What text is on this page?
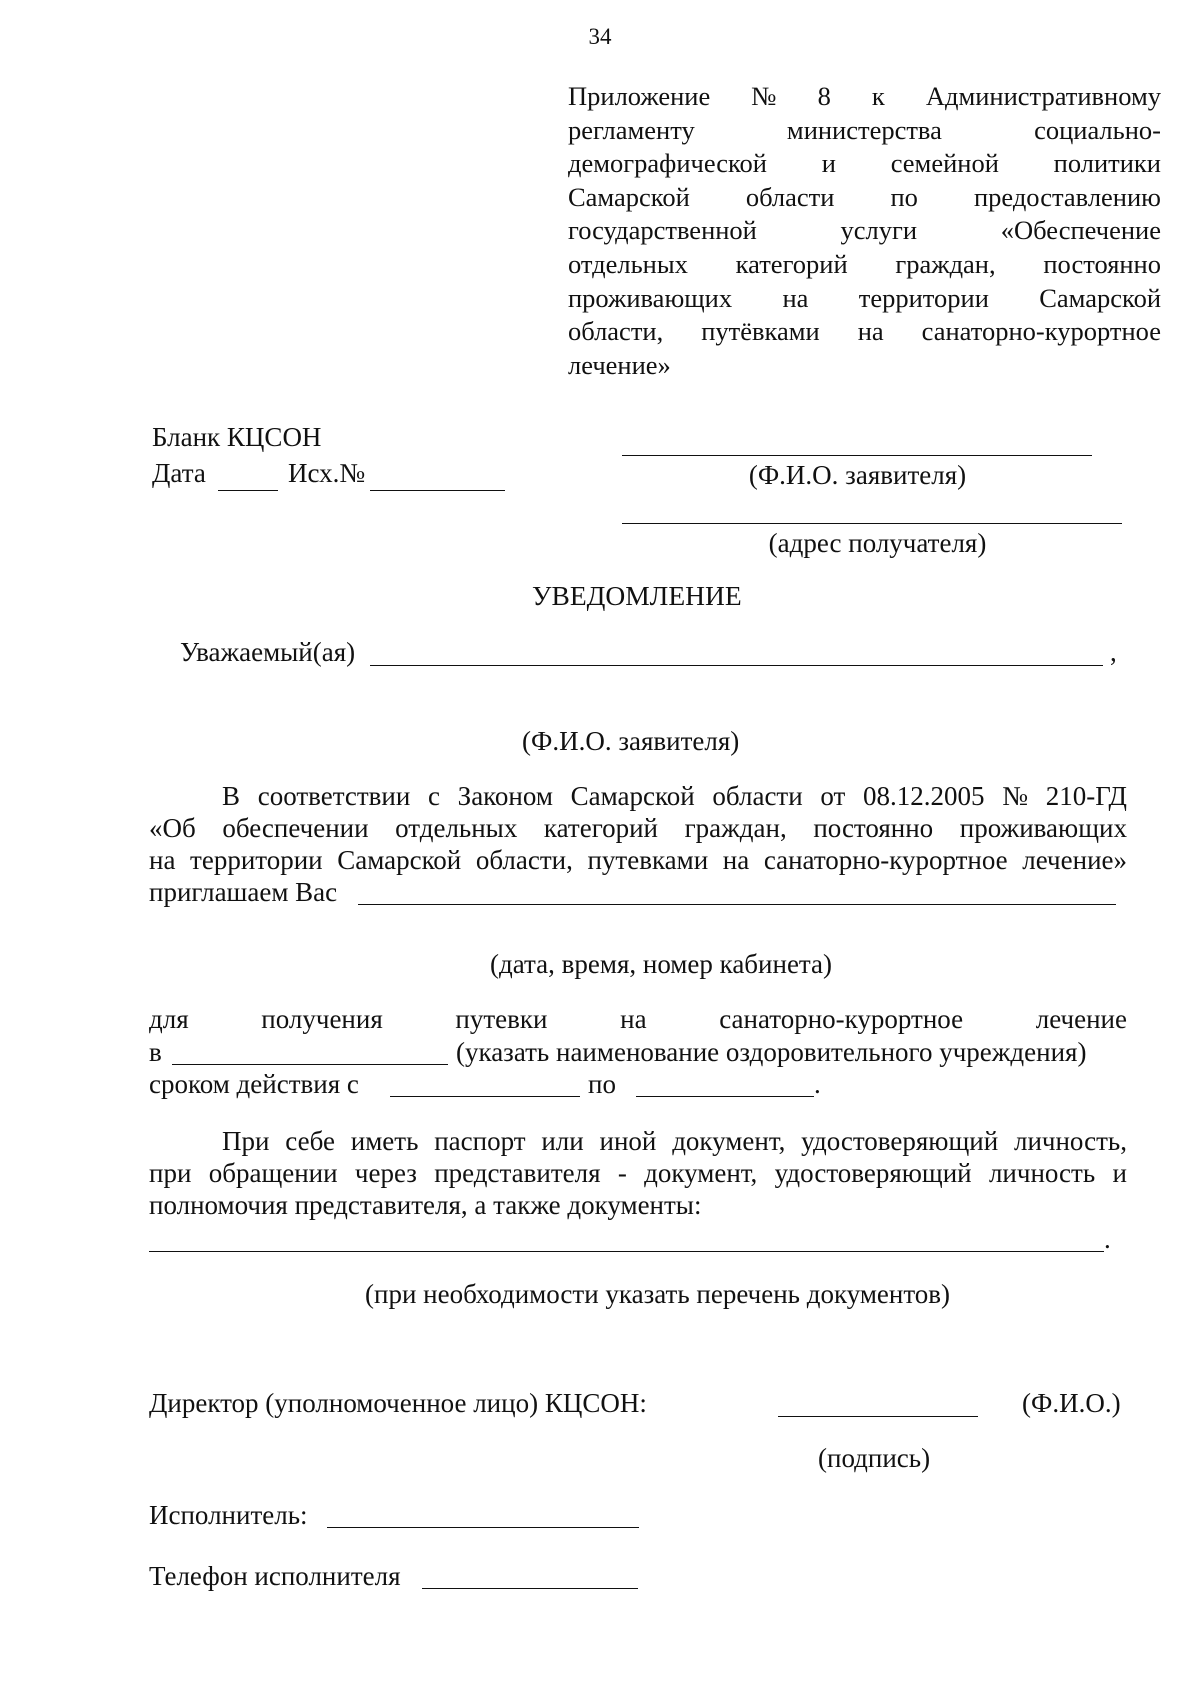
34
Приложение № 8 к Административному
регламенту	министерства	социально-
демографической и семейной политики
Самарской области по предоставлению
государственной	услуги	«Обеспечение
отдельных категорий граждан, постоянно
проживающих на территории Самарской
области, путёвками на санаторно-курортное
лечение»
Бланк КЦСОН
Дата	Исх.№	(Ф.И.О. заявителя)
(адрес получателя)
УВЕДОМЛЕНИЕ
Уважаемый(ая)	,
(Ф.И.О. заявителя)
В соответствии с Законом Самарской области от 08.12.2005 № 210-ГД
«Об обеспечении отдельных категорий граждан, постоянно проживающих
на территории Самарской области, путевками на санаторно-курортное лечение»
приглашаем Вас
(дата, время, номер кабинета)
для	получения	путевки	на	санаторно-курортное	лечение
в	(указать наименование оздоровительного учреждения)
сроком действия с	по	.
При себе иметь паспорт или иной документ, удостоверяющий личность,
при обращении через представителя - документ, удостоверяющий личность и
полномочия представителя, а также документы:
.
(при необходимости указать перечень документов)
Директор (уполномоченное лицо) КЦСОН:	(Ф.И.О.)
(подпись)
Исполнитель:
Телефон исполнителя
